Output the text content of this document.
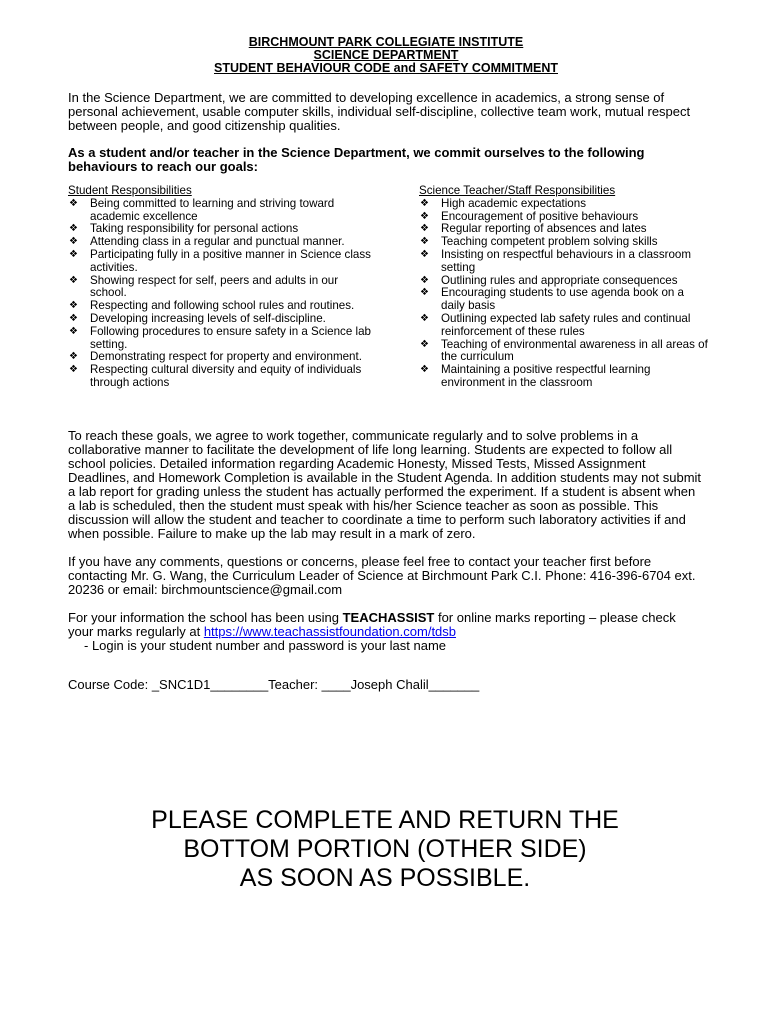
BIRCHMOUNT PARK COLLEGIATE INSTITUTE
SCIENCE DEPARTMENT
STUDENT BEHAVIOUR CODE and SAFETY COMMITMENT

In the Science Department, we are committed to developing excellence in academics, a strong sense of personal achievement, usable computer skills, individual self-discipline, collective team work, mutual respect between people, and good citizenship qualities.

As a student and/or teacher in the Science Department, we commit ourselves to the following behaviours to reach our goals:

Student Responsibilities
❖ Being committed to learning and striving toward academic excellence
❖ Taking responsibility for personal actions
❖ Attending class in a regular and punctual manner.
❖ Participating fully in a positive manner in Science class activities.
❖ Showing respect for self, peers and adults in our school.
❖ Respecting and following school rules and routines.
❖ Developing increasing levels of self-discipline.
❖ Following procedures to ensure safety in a Science lab setting.
❖ Demonstrating respect for property and environment.
❖ Respecting cultural diversity and equity of individuals through actions
Science Teacher/Staff Responsibilities
❖ High academic expectations
❖ Encouragement of positive behaviours
❖ Regular reporting of absences and lates
❖ Teaching competent problem solving skills
❖ Insisting on respectful behaviours in a classroom setting
❖ Outlining rules and appropriate consequences
❖ Encouraging students to use agenda book on a daily basis
❖ Outlining expected lab safety rules and continual reinforcement of these rules
❖ Teaching of environmental awareness in all areas of the curriculum
❖ Maintaining a positive respectful learning environment in the classroom

To reach these goals, we agree to work together, communicate regularly and to solve problems in a collaborative manner to facilitate the development of life long learning. Students are expected to follow all school policies. Detailed information regarding Academic Honesty, Missed Tests, Missed Assignment Deadlines, and Homework Completion is available in the Student Agenda. In addition students may not submit a lab report for grading unless the student has actually performed the experiment. If a student is absent when a lab is scheduled, then the student must speak with his/her Science teacher as soon as possible. This discussion will allow the student and teacher to coordinate a time to perform such laboratory activities if and when possible. Failure to make up the lab may result in a mark of zero.

If you have any comments, questions or concerns, please feel free to contact your teacher first before contacting Mr. G. Wang, the Curriculum Leader of Science at Birchmount Park C.I. Phone: 416-396-6704 ext. 20236 or email: birchmountscience@gmail.com

For your information the school has been using TEACHASSIST for online marks reporting – please check your marks regularly at https://www.teachassistfoundation.com/tdsb

- Login is your student number and password is your last name

Course Code: _SNC1D1________Teacher: ____Joseph Chalil_______

PLEASE COMPLETE AND RETURN THE
BOTTOM PORTION (OTHER SIDE)
AS SOON AS POSSIBLE.
